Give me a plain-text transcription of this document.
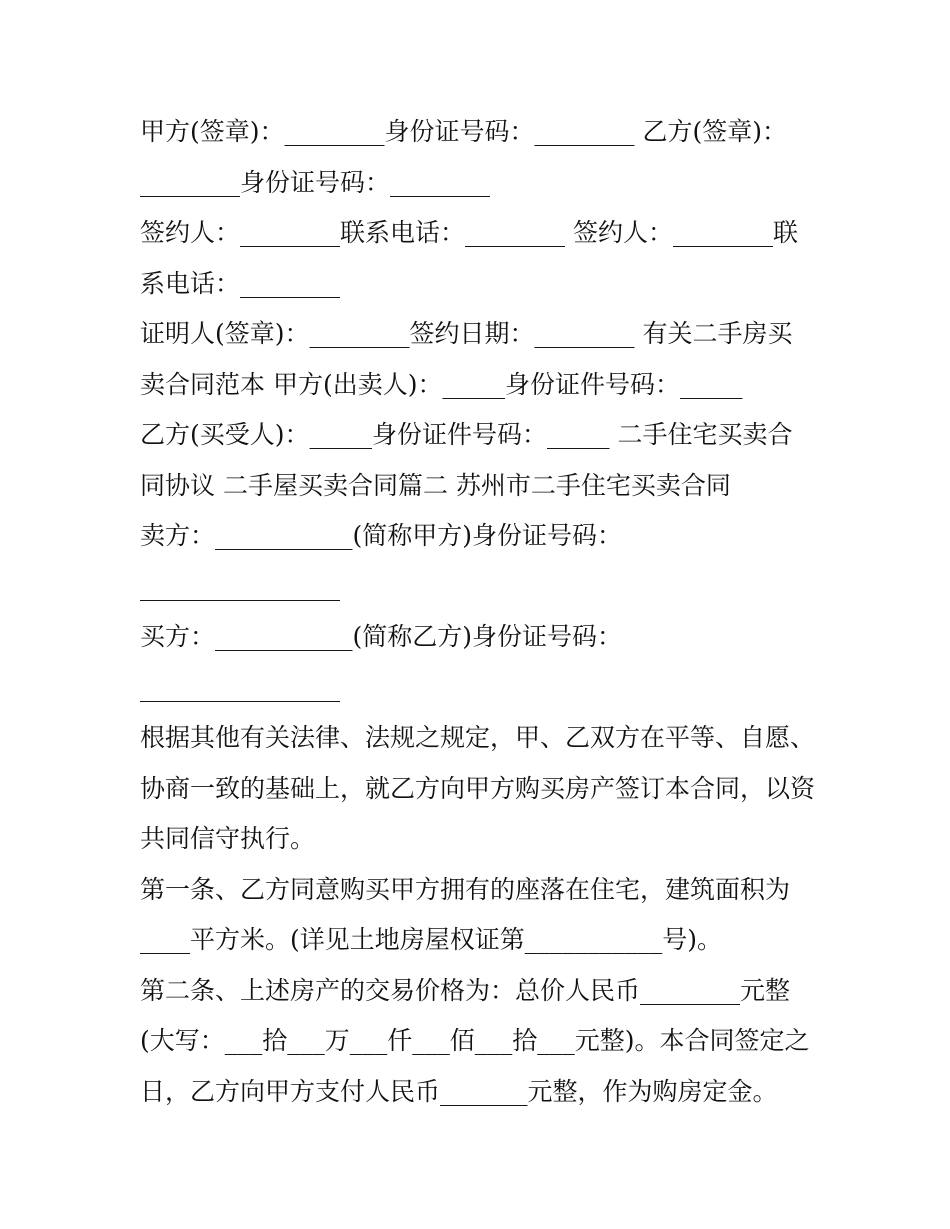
甲方(签章)：________身份证号码：________ 乙方(签章)：
________身份证号码：________
签约人：________联系电话：________ 签约人：________联
系电话：________
证明人(签章)：________签约日期：________ 有关二手房买
卖合同范本 甲方(出卖人)：_____身份证件号码：_____
乙方(买受人)：_____身份证件号码：_____ 二手住宅买卖合
同协议 二手屋买卖合同篇二 苏州市二手住宅买卖合同
卖方：___________(简称甲方)身份证号码：
________________
买方：___________(简称乙方)身份证号码：
________________
根据其他有关法律、法规之规定，甲、乙双方在平等、自愿、
协商一致的基础上，就乙方向甲方购买房产签订本合同，以资
共同信守执行。
第一条、乙方同意购买甲方拥有的座落在住宅，建筑面积为
____平方米。(详见土地房屋权证第___________号)。
第二条、上述房产的交易价格为：总价人民币________元整
(大写：___拾___万___仟___佰___拾___元整)。本合同签定之
日，乙方向甲方支付人民币_______元整，作为购房定金。
